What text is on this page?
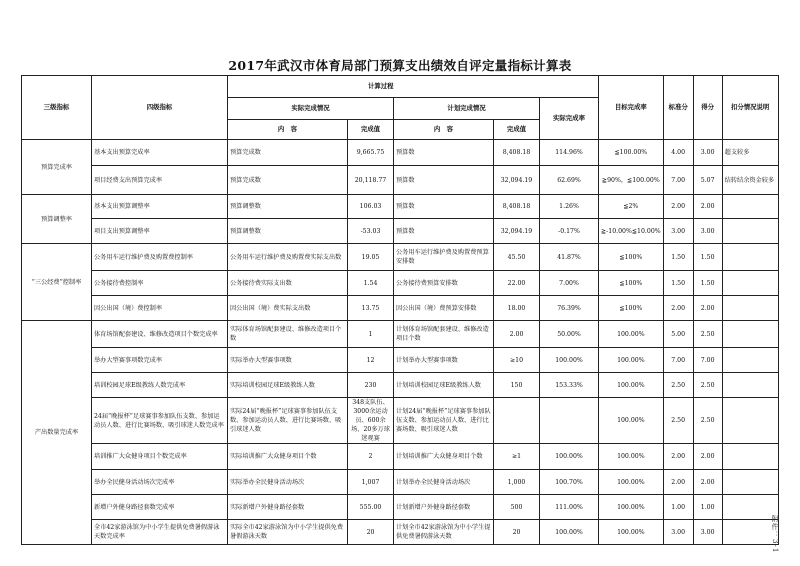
2017年武汉市体育局部门预算支出绩效自评定量指标计算表
三级指标	四级指标	计算过程					目标完成率	标准分	得分	扣分情况说明
		实际完成情况		计划完成情况		实际完成率				
		内　容	完成值	内　容	完成值					
预算完成率	基本支出预算完成率	预算完成数	9,665.75	预算数	8,408.18	114.96%	≦100.00%	4.00	3.00	超支较多
	项目经费支出预算完成率	预算完成数	20,118.77	预算数	32,094.19	62.69%	≧90%，≦100.00%	7.00	5.07	结转结余资金较多
预算调整率	基本支出预算调整率	预算调整数	106.03	预算数	8,408.18	1.26%	≦2%	2.00	2.00	
	项目支出预算调整率	预算调整数	-53.03	预算数	32,094.19	-0.17%	≧-10.00%≦10.00%	3.00	3.00	
“三公经费”控制率	公务用车运行维护费及购置费控制率	公务用车运行维护费及购置费实际支出数	19.05	公务用车运行维护费及购置费预算安排数	45.50	41.87%	≦100%	1.50	1.50	
	公务接待费控制率	公务接待费实际支出数	1.54	公务接待费预算安排数	22.00	7.00%	≦100%	1.50	1.50	
	因公出国（境）费控制率	因公出国（境）费实际支出数	13.75	因公出国（境）费预算安排数	18.00	76.39%	≦100%	2.00	2.00	
产出数量完成率	体育场馆配套建设、维修改造项目个数完成率	实际体育场馆配套建设、维修改造项目个数	1	计划体育场馆配套建设、维修改造项目个数	2.00	50.00%	100.00%	5.00	2.50	
	举办大型赛事项数完成率	实际举办大型赛事项数	12	计划举办大型赛事项数	≥10	100.00%	100.00%	7.00	7.00	
	培训校园足球E级教练人数完成率	实际培训校园足球E级教练人数	230	计划培训校园足球E级教练人数	150	153.33%	100.00%	2.50	2.50	
	24届“晚报杯”足球赛事参加队伍支数、参加运动员人数、进行比赛场数、吸引球迷人数完成率	实际24届“晚报杯”足球赛事参加队伍支数、参加运动员人数、进行比赛场数、吸引球迷人数	348支队伍、3000余运动员、600余场、20多万球迷观赛	计划24届“晚报杯”足球赛事参加队伍支数、参加运动员人数、进行比赛场数、吸引球迷人数			100.00%	2.50	2.50	
	培训推广大众健身项目个数完成率	实际培训推广大众健身项目个数	2	计划培训推广大众健身项目个数	≥1	100.00%	100.00%	2.00	2.00	
	举办全民健身活动场次完成率	实际举办全民健身活动场次	1,007	计划举办全民健身活动场次	1,000	100.70%	100.00%	2.00	2.00	
	新增户外健身路径套数完成率	实际新增户外健身路径套数	555.00	计划新增户外健身路径套数	500	111.00%	100.00%	1.00	1.00	
	全市42家游泳馆为中小学生提供免费暑假游泳天数完成率	实际全市42家游泳馆为中小学生提供免费暑假游泳天数	20	计划全市42家游泳馆为中小学生提供免费暑假游泳天数	20	100.00%	100.00%	3.00	3.00		附件：3-1
